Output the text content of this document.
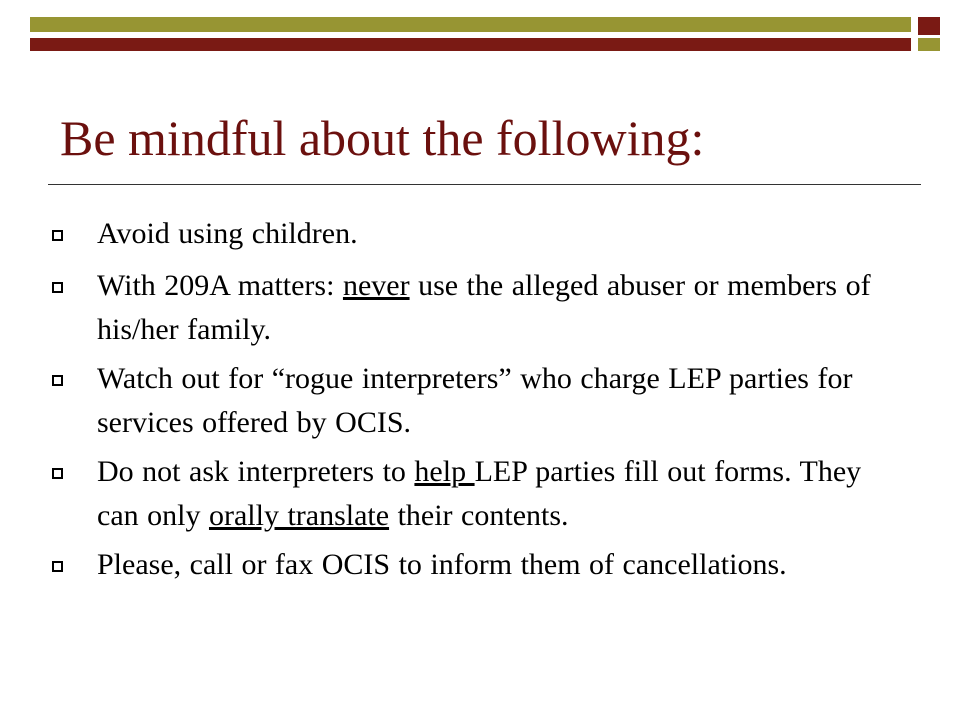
Be mindful about the following:
Avoid using children.
With 209A matters: never use the alleged abuser or members of his/her family.
Watch out for “rogue interpreters” who charge LEP parties for services offered by OCIS.
Do not ask interpreters to help LEP parties fill out forms. They can only orally translate their contents.
Please, call or fax OCIS to inform them of cancellations.
